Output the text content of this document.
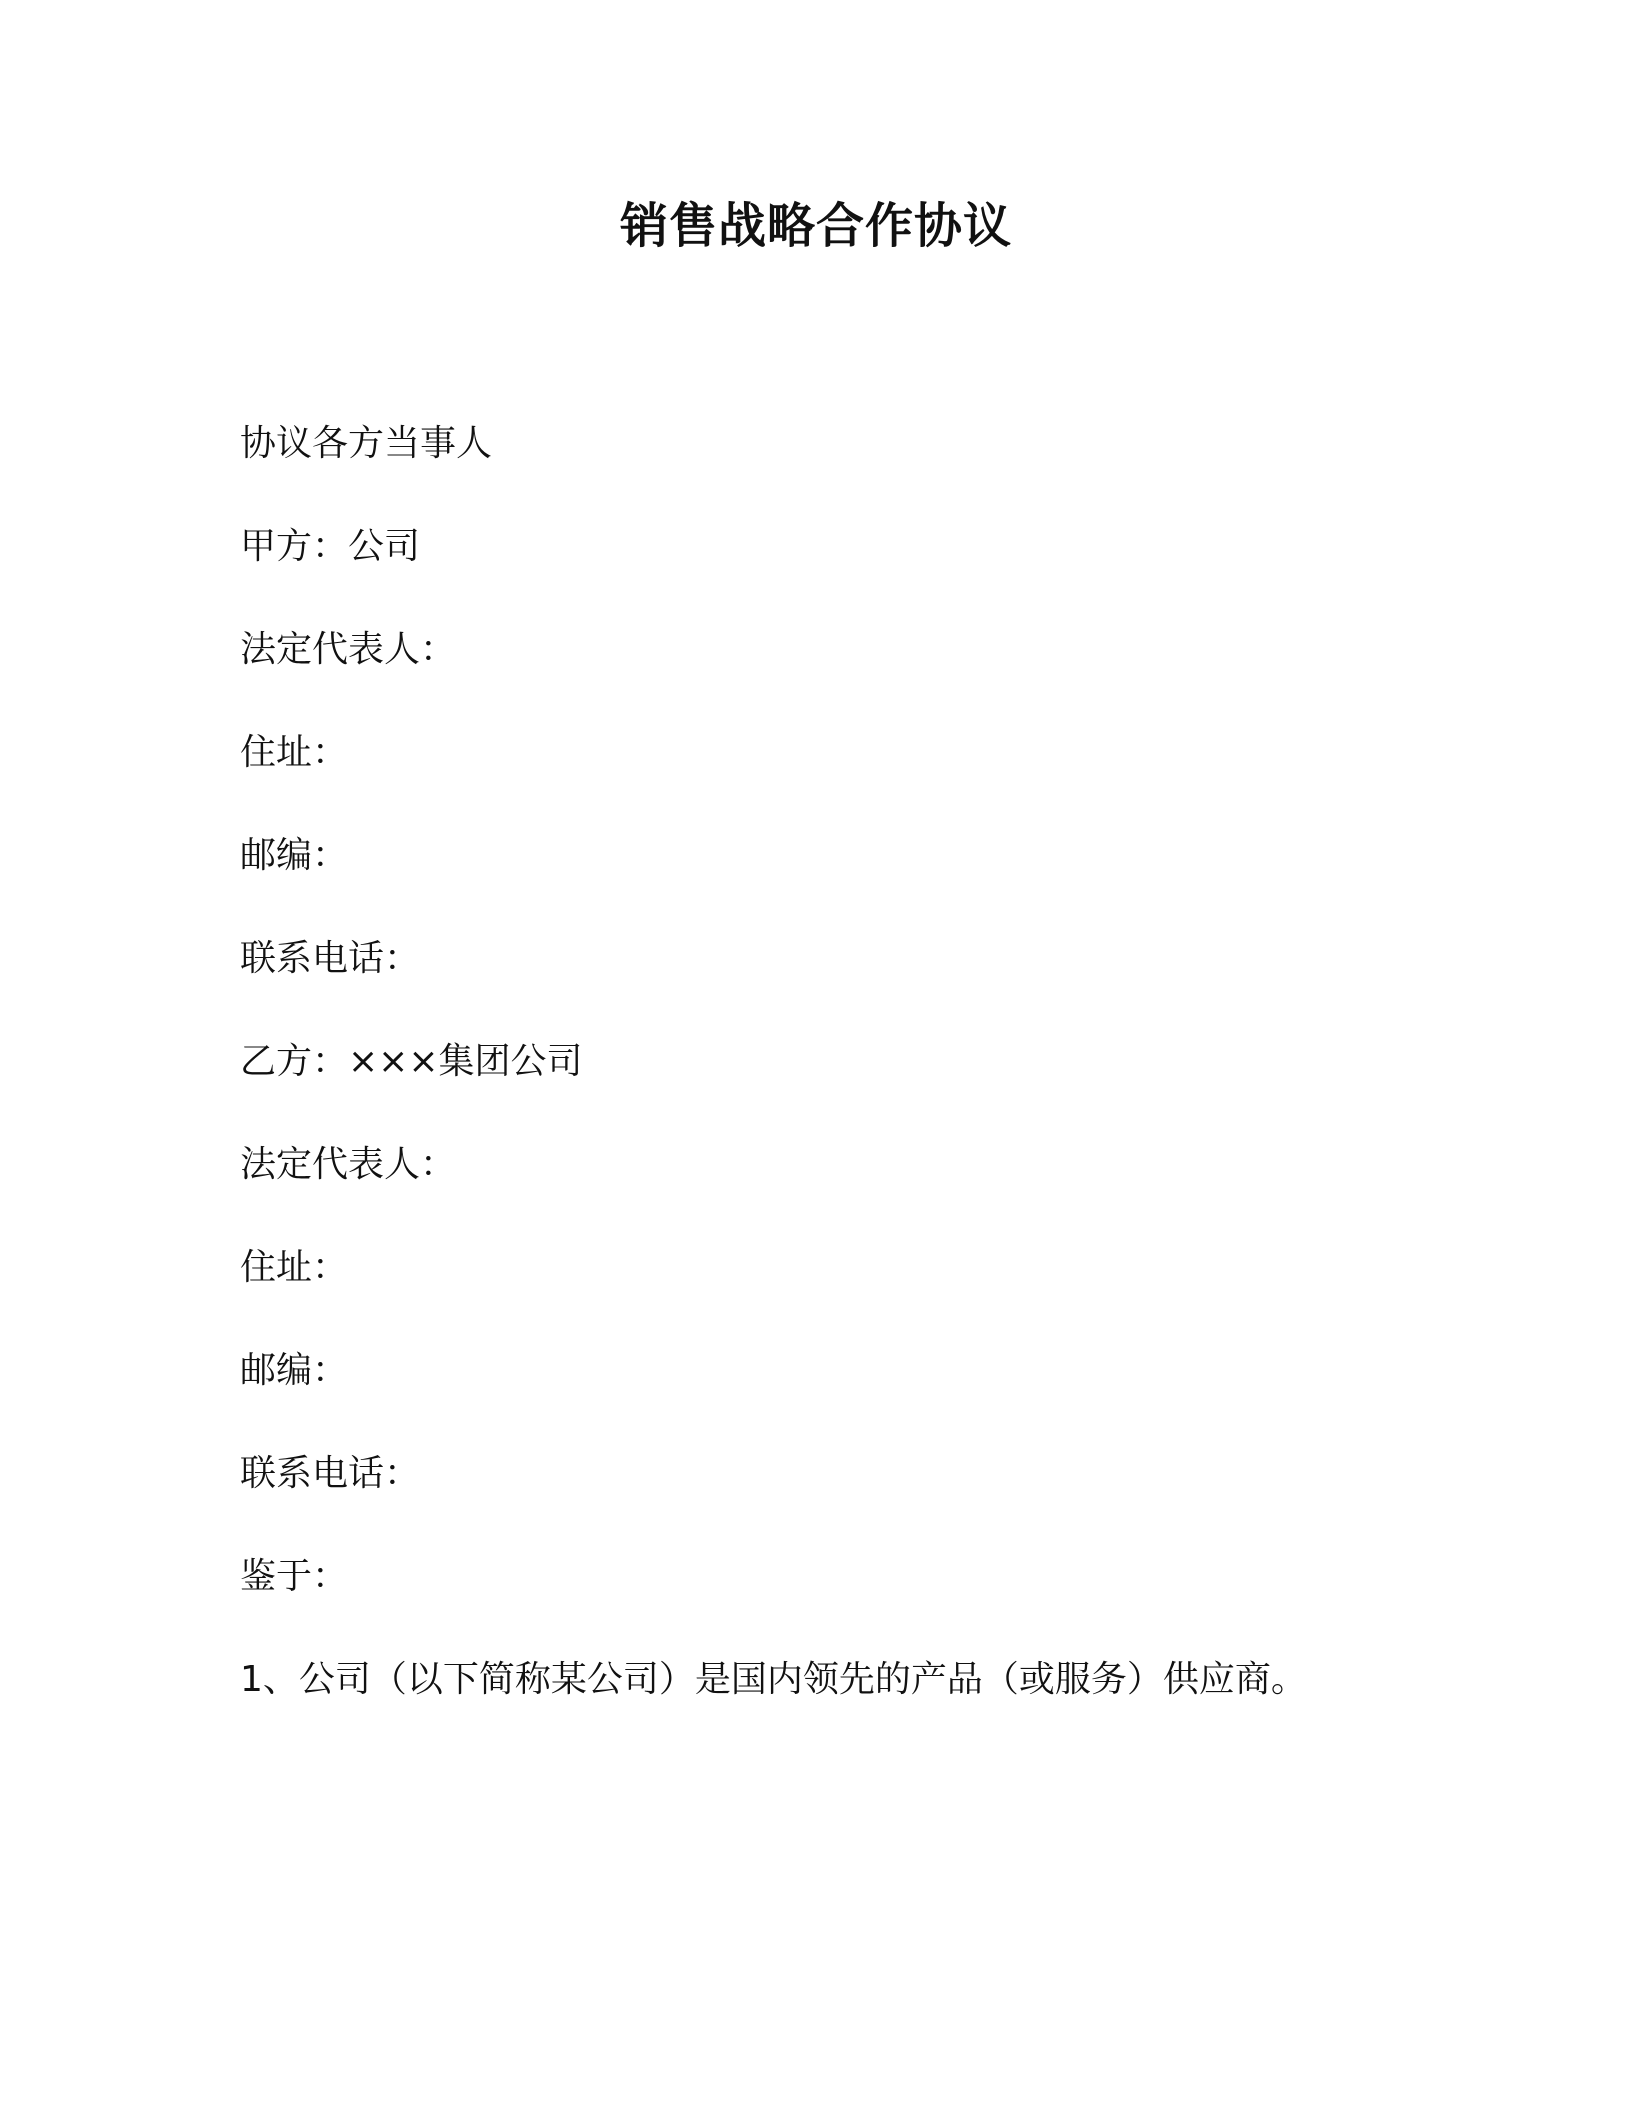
销售战略合作协议
协议各方当事人
甲方：公司
法定代表人：
住址：
邮编：
联系电话：
乙方：×××集团公司
法定代表人：
住址：
邮编：
联系电话：
鉴于：
1、公司（以下简称某公司）是国内领先的产品（或服务）供应商。
